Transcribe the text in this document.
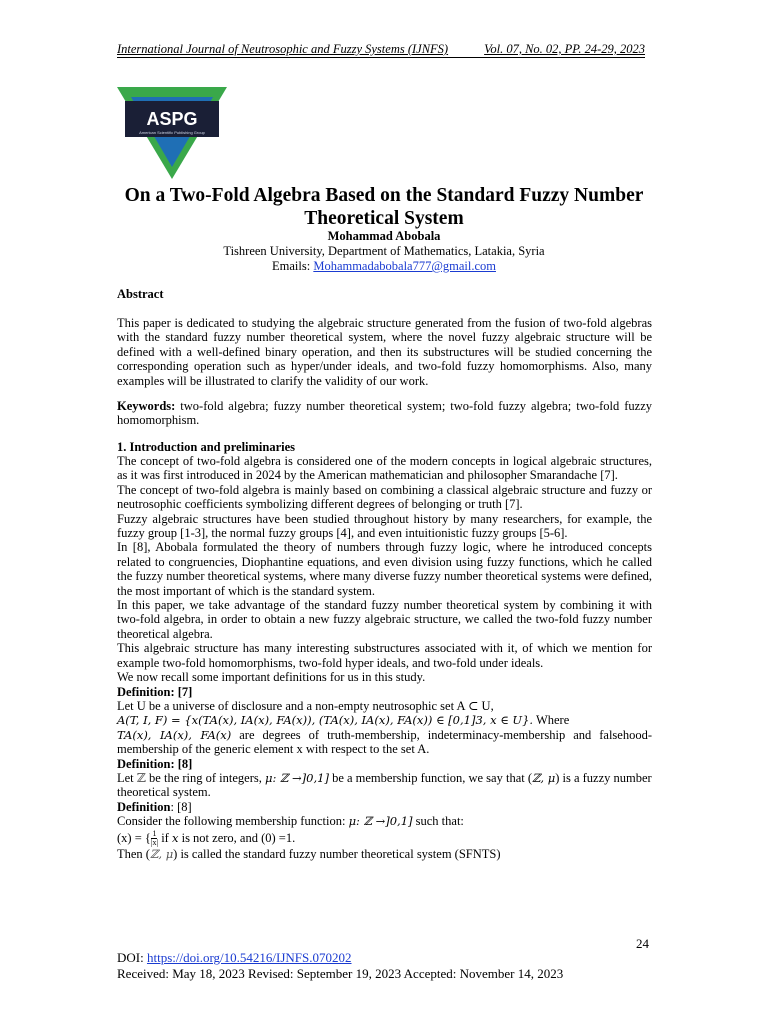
International Journal of Neutrosophic and Fuzzy Systems (IJNFS)	Vol. 07, No. 02, PP. 24-29, 2023
ASPG
American Scientific Publishing Group
On a Two-Fold Algebra Based on the Standard Fuzzy Number Theoretical System
Mohammad Abobala
Tishreen University, Department of Mathematics, Latakia, Syria
Emails: Mohammadabobala777@gmail.com
Abstract
This paper is dedicated to studying the algebraic structure generated from the fusion of two-fold algebras with the standard fuzzy number theoretical system, where the novel fuzzy algebraic structure will be defined with a well-defined binary operation, and then its substructures will be studied concerning the corresponding operation such as hyper/under ideals, and two-fold fuzzy homomorphisms. Also, many examples will be illustrated to clarify the validity of our work.
Keywords: two-fold algebra; fuzzy number theoretical system; two-fold fuzzy algebra; two-fold fuzzy homomorphism.
1. Introduction and preliminaries

The concept of two-fold algebra is considered one of the modern concepts in logical algebraic structures, as it was first introduced in 2024 by the American mathematician and philosopher Smarandache [7].

The concept of two-fold algebra is mainly based on combining a classical algebraic structure and fuzzy or neutrosophic coefficients symbolizing different degrees of belonging or truth [7].

Fuzzy algebraic structures have been studied throughout history by many researchers, for example, the fuzzy group [1-3], the normal fuzzy groups [4], and even intuitionistic fuzzy groups [5-6].

In [8], Abobala formulated the theory of numbers through fuzzy logic, where he introduced concepts related to congruencies, Diophantine equations, and even division using fuzzy functions, which he called the fuzzy number theoretical systems, where many diverse fuzzy number theoretical systems were defined, the most important of which is the standard system.

In this paper, we take advantage of the standard fuzzy number theoretical system by combining it with two-fold algebra, in order to obtain a new fuzzy algebraic structure, we called the two-fold fuzzy number theoretical algebra.

This algebraic structure has many interesting substructures associated with it, of which we mention for example two-fold homomorphisms, two-fold hyper ideals, and two-fold under ideals.

We now recall some important definitions for us in this study.

Definition: [7]

Let U be a universe of disclosure and a non-empty neutrosophic set A ⊂ U,

A(T, I, F) = {x(TA(x), IA(x), FA(x)), (TA(x), IA(x), FA(x)) ∈ [0,1]3, x ∈ U}. Where

TA(x), IA(x), FA(x) are degrees of truth-membership, indeterminacy-membership and falsehood-membership of the generic element x with respect to the set A.

Definition: [8]

Let ℤ be the ring of integers, μ: ℤ →]0,1] be a membership function, we say that (ℤ, μ) is a fuzzy number

theoretical system.

Definition: [8]

Consider the following membership function: μ: ℤ →]0,1] such that:

(x) = { $\frac{1}{|x|}$ if x is not zero, and (0) =1.

Then (ℤ, μ) is called the standard fuzzy number theoretical system (SFNTS)

24
DOI: https://doi.org/10.54216/IJNFS.070202
Received: May 18, 2023 Revised: September 19, 2023 Accepted: November 14, 2023
